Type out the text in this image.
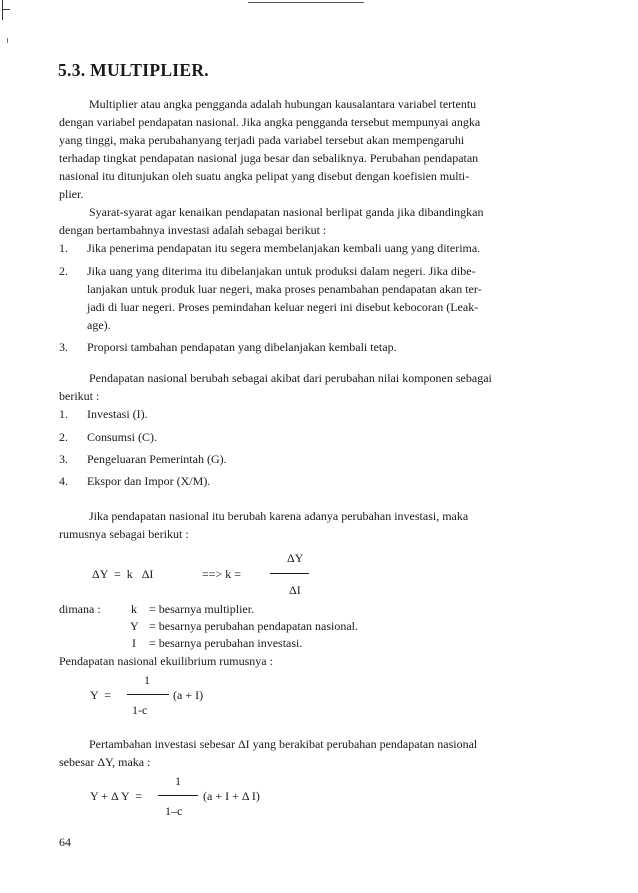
5.3. MULTIPLIER.

Multiplier atau angka pengganda adalah hubungan kausalantara variabel tertentu

dengan variabel pendapatan nasional. Jika angka pengganda tersebut mempunyai angka

yang tinggi, maka perubahanyang terjadi pada variabel tersebut akan mempengaruhi

terhadap tingkat pendapatan nasional juga besar dan sebaliknya. Perubahan pendapatan

nasional itu ditunjukan oleh suatu angka pelipat yang disebut dengan koefisien multi-

plier.

Syarat-syarat agar kenaikan pendapatan nasional berlipat ganda jika dibandingkan

dengan bertambahnya investasi adalah sebagai berikut :

1. Jika penerima pendapatan itu segera membelanjakan kembali uang yang diterima.

2. Jika uang yang diterima itu dibelanjakan untuk produksi dalam negeri. Jika dibe-

lanjakan untuk produk luar negeri, maka proses penambahan pendapatan akan ter-

jadi di luar negeri. Proses pemindahan keluar negeri ini disebut kebocoran (Leak-

age).

3. Proporsi tambahan pendapatan yang dibelanjakan kembali tetap.

Pendapatan nasional berubah sebagai akibat dari perubahan nilai komponen sebagai

berikut :

1. Investasi (I).
2. Consumsi (C).
3. Pengeluaran Pemerintah (G).
4. Ekspor dan Impor (X/M).

Jika pendapatan nasional itu berubah karena adanya perubahan investasi, maka

rumusnya sebagai berikut :

ΔY
ΔY  =  k   ΔI	==> k =
ΔI
dimana :	k = besarnya multiplier.
Y = besarnya perubahan pendapatan nasional.
I = besarnya perubahan investasi.
Pendapatan nasional ekuilibrium rumusnya :
1
Y  =	(a + I)
1-c

Pertambahan investasi sebesar ΔI yang berakibat perubahan pendapatan nasional

sebesar ΔY, maka :

1
Y + Δ Y  =	(a + I + Δ I)
1–c
64
